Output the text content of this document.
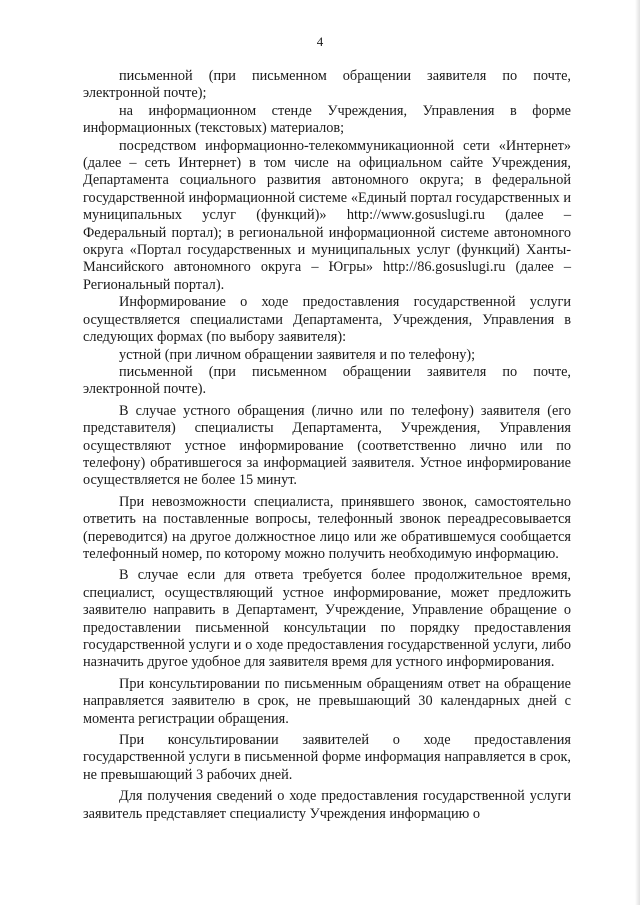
4

письменной (при письменном обращении заявителя по почте, электронной почте);

на информационном стенде Учреждения, Управления в форме информационных (текстовых) материалов;

посредством информационно-телекоммуникационной сети «Интернет» (далее – сеть Интернет) в том числе на официальном сайте Учреждения, Департамента социального развития автономного округа; в федеральной государственной информационной системе «Единый портал государственных и муниципальных услуг (функций)» http://www.gosuslugi.ru (далее – Федеральный портал); в региональной информационной системе автономного округа «Портал государственных и муниципальных услуг (функций) Ханты-Мансийского автономного округа – Югры» http://86.gosuslugi.ru (далее – Региональный портал).

Информирование о ходе предоставления государственной услуги осуществляется специалистами Департамента, Учреждения, Управления в следующих формах (по выбору заявителя):

устной (при личном обращении заявителя и по телефону);

письменной (при письменном обращении заявителя по почте, электронной почте).

В случае устного обращения (лично или по телефону) заявителя (его представителя) специалисты Департамента, Учреждения, Управления осуществляют устное информирование (соответственно лично или по телефону) обратившегося за информацией заявителя. Устное информирование осуществляется не более 15 минут.

При невозможности специалиста, принявшего звонок, самостоятельно ответить на поставленные вопросы, телефонный звонок переадресовывается (переводится) на другое должностное лицо или же обратившемуся сообщается телефонный номер, по которому можно получить необходимую информацию.

В случае если для ответа требуется более продолжительное время, специалист, осуществляющий устное информирование, может предложить заявителю направить в Департамент, Учреждение, Управление обращение о предоставлении письменной консультации по порядку предоставления государственной услуги и о ходе предоставления государственной услуги, либо назначить другое удобное для заявителя время для устного информирования.

При консультировании по письменным обращениям ответ на обращение направляется заявителю в срок, не превышающий 30 календарных дней с момента регистрации обращения.

При консультировании заявителей о ходе предоставления государственной услуги в письменной форме информация направляется в срок, не превышающий 3 рабочих дней.

Для получения сведений о ходе предоставления государственной услуги заявитель представляет специалисту Учреждения информацию о
